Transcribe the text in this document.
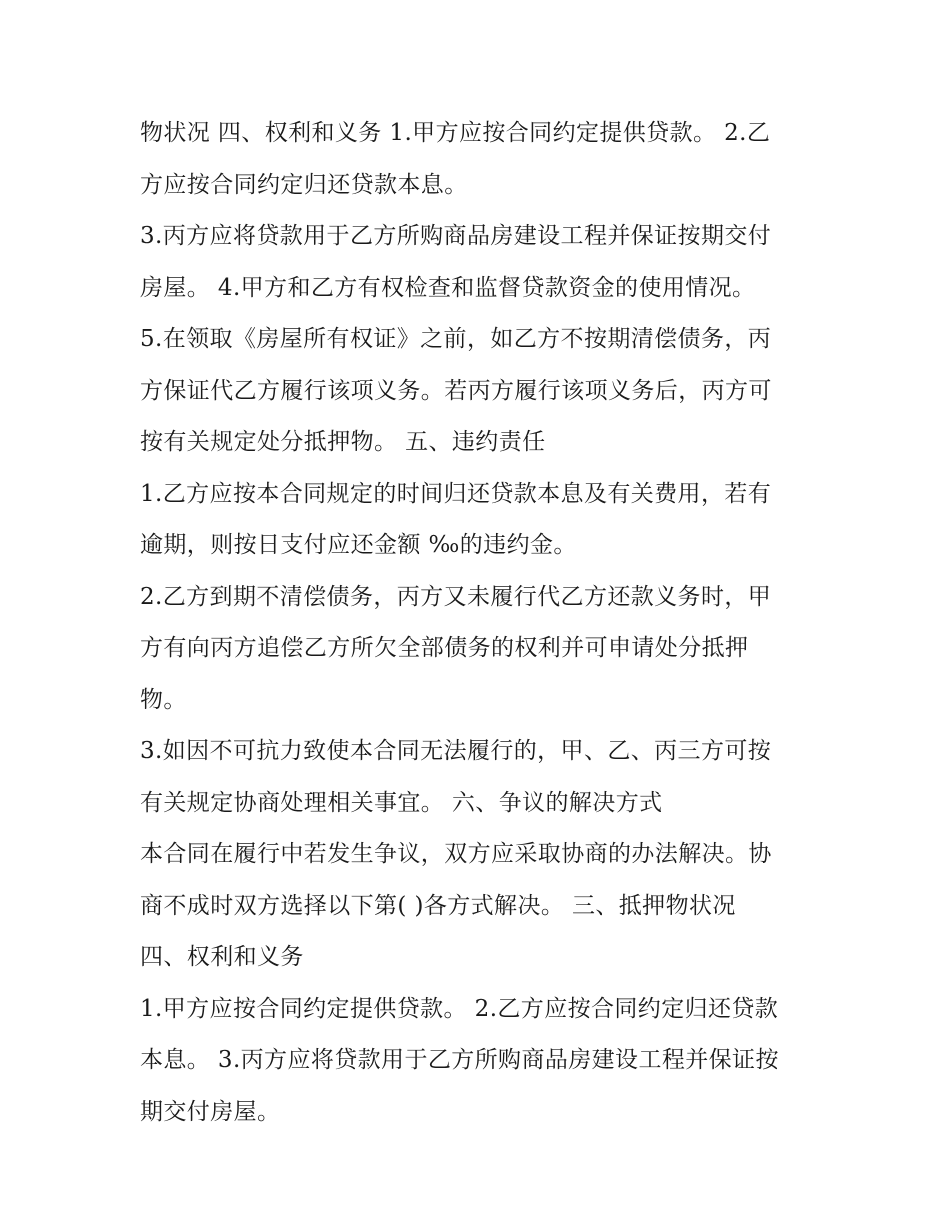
物状况 四、权利和义务 1.甲方应按合同约定提供贷款。 2.乙
方应按合同约定归还贷款本息。
3.丙方应将贷款用于乙方所购商品房建设工程并保证按期交付
房屋。 4.甲方和乙方有权检查和监督贷款资金的使用情况。
5.在领取《房屋所有权证》之前，如乙方不按期清偿债务，丙
方保证代乙方履行该项义务。若丙方履行该项义务后，丙方可
按有关规定处分抵押物。 五、违约责任
1.乙方应按本合同规定的时间归还贷款本息及有关费用，若有
逾期，则按日支付应还金额 ‰的违约金。
2.乙方到期不清偿债务，丙方又未履行代乙方还款义务时，甲
方有向丙方追偿乙方所欠全部债务的权利并可申请处分抵押
物。
3.如因不可抗力致使本合同无法履行的，甲、乙、丙三方可按
有关规定协商处理相关事宜。 六、争议的解决方式
本合同在履行中若发生争议，双方应采取协商的办法解决。协
商不成时双方选择以下第( )各方式解决。 三、抵押物状况
四、权利和义务
1.甲方应按合同约定提供贷款。 2.乙方应按合同约定归还贷款
本息。 3.丙方应将贷款用于乙方所购商品房建设工程并保证按
期交付房屋。
